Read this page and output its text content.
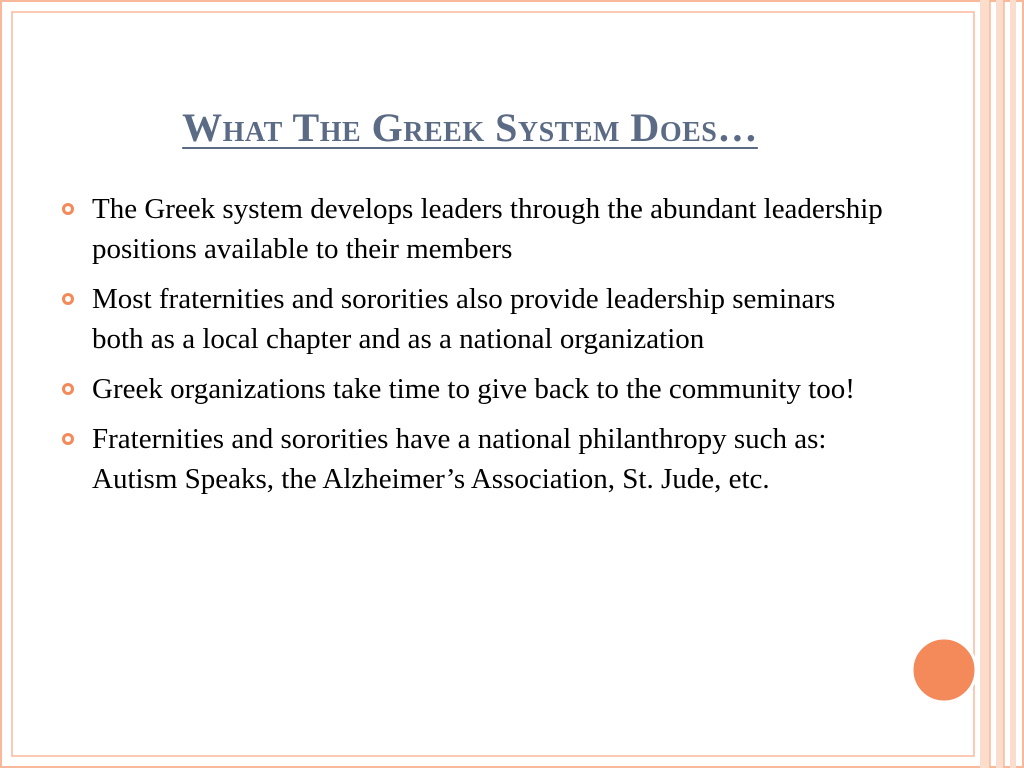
What The Greek System Does…
The Greek system develops leaders through the abundant leadership positions available to their members
Most fraternities and sororities also provide leadership seminars both as a local chapter and as a national organization
Greek organizations take time to give back to the community too!
Fraternities and sororities have a national philanthropy such as: Autism Speaks, the Alzheimer’s Association, St. Jude, etc.
